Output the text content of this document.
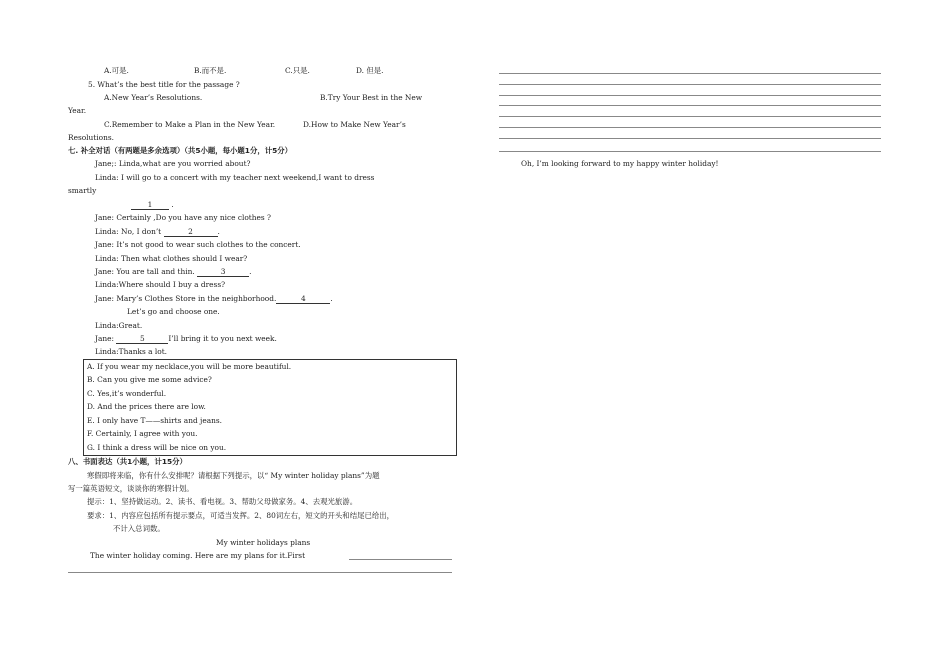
A.可是.	B.而不是.	C.只是.	D. 但是.
5. What’s the best title for the passage ?
A.New Year’s Resolutions.	B.Try Your Best in the New
Year.
C.Remember to Make a Plan in the New Year.	D.How to Make New Year’s
Resolutions.
七. 补全对话（有两题是多余选项）（共5小题，每小题1分，计5分）
Jane;: Linda,what are you worried about?
Linda: I will go to a concert with my teacher next weekend,I want to dress
smartly
1 .
Jane: Certainly ,Do you have any nice clothes ?
Linda: No, I don’t	2	.
Jane: It’s not good to wear such clothes to the concert.
Linda: Then what clothes should I wear?
Jane: You are tall and thin.	3	.
Linda:Where should I buy a dress?
Jane: Mary’s Clothes Store in the neighborhood.	4	.
Let’s go and choose one.
Linda:Great.
Jane:	5	I’ll bring it to you next week.
Linda:Thanks a lot.
A. If you wear my necklace,you will be more beautiful.
B. Can you give me some advice?
C. Yes,it’s wonderful.
D. And the prices there are low.
E. I only have T——shirts and jeans.
F. Certainly, I agree with you.
G. I think a dress will be nice on you.
八、书面表达（共1小题，计15分）
寒假即将来临，你有什么安排呢？请根据下列提示，以“ My winter holiday plans”为题
写一篇英语短文，谈谈你的寒假计划。
提示：1、坚持做运动。2、读书、看电视。3、帮助父母做家务。4、去观光旅游。
要求：1、内容应包括所有提示要点，可适当发挥。2、80词左右，短文的开头和结尾已给出，
不计入总词数。
My winter holidays plans
The winter holiday coming. Here are my plans for it.First
Oh, I’m looking forward to my happy winter holiday!
